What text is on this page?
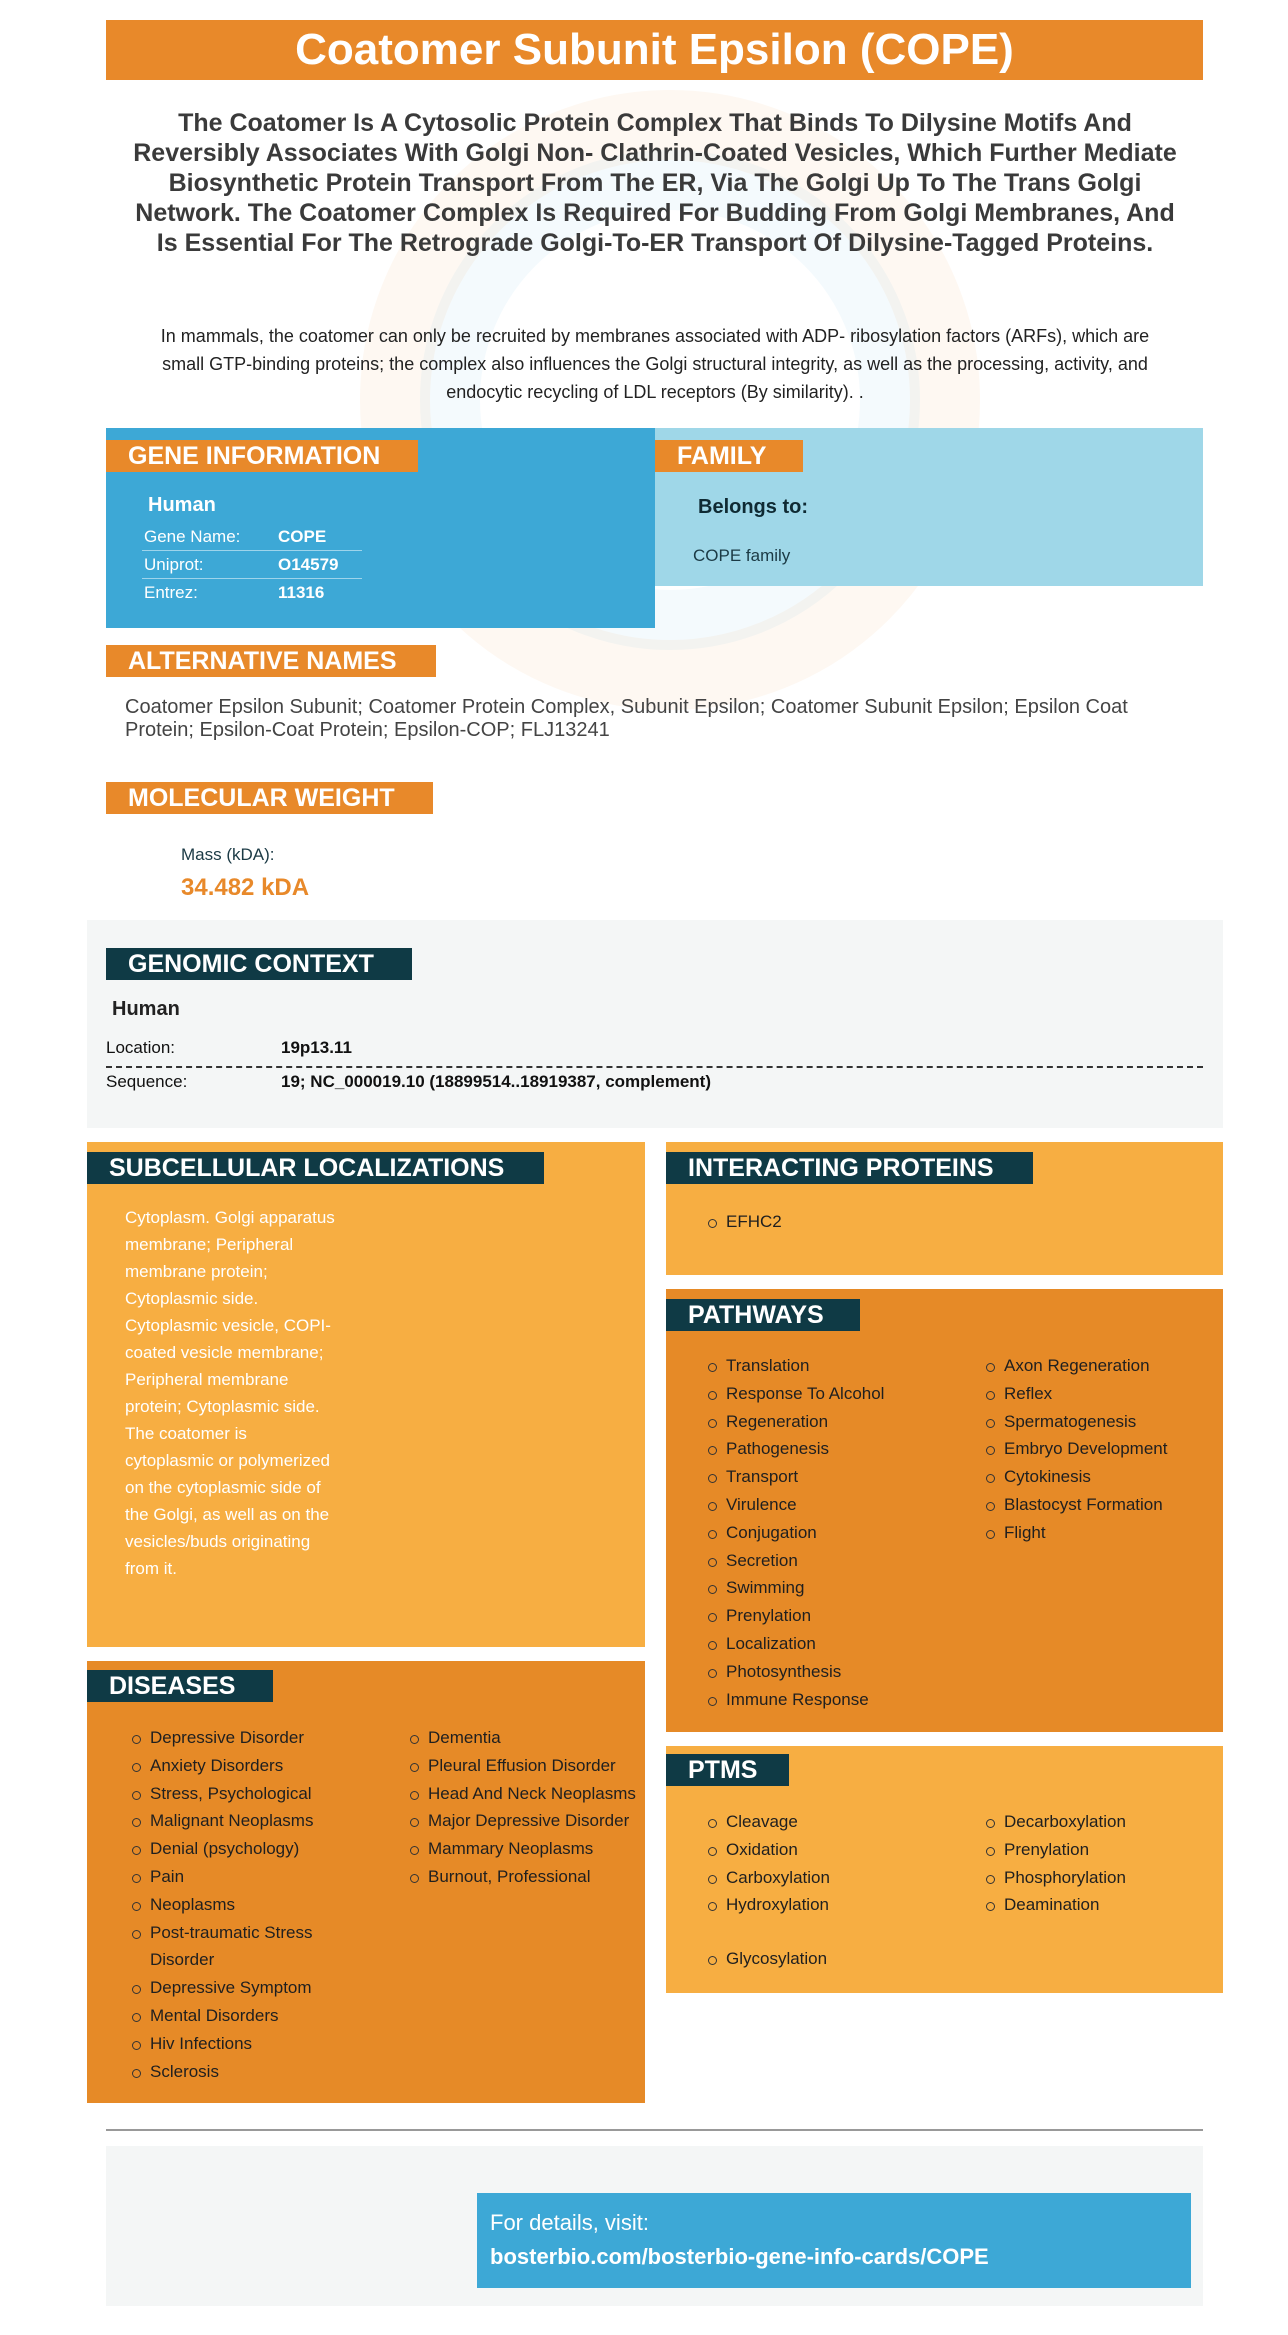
Coatomer Subunit Epsilon (COPE)
The Coatomer Is A Cytosolic Protein Complex That Binds To Dilysine Motifs And Reversibly Associates With Golgi Non- Clathrin-Coated Vesicles, Which Further Mediate Biosynthetic Protein Transport From The ER, Via The Golgi Up To The Trans Golgi Network. The Coatomer Complex Is Required For Budding From Golgi Membranes, And Is Essential For The Retrograde Golgi-To-ER Transport Of Dilysine-Tagged Proteins.
In mammals, the coatomer can only be recruited by membranes associated with ADP- ribosylation factors (ARFs), which are small GTP-binding proteins; the complex also influences the Golgi structural integrity, as well as the processing, activity, and endocytic recycling of LDL receptors (By similarity). .
GENE INFORMATION
Human
Gene Name: COPE
Uniprot:	O14579
Entrez:	11316
FAMILY
Belongs to:
COPE family
ALTERNATIVE NAMES
Coatomer Epsilon Subunit; Coatomer Protein Complex, Subunit Epsilon; Coatomer Subunit Epsilon; Epsilon Coat Protein; Epsilon-Coat Protein; Epsilon-COP; FLJ13241
MOLECULAR WEIGHT
Mass (kDA):
34.482 kDA
GENOMIC CONTEXT
Human
Location:	19p13.11
Sequence:	19; NC_000019.10 (18899514..18919387, complement)
SUBCELLULAR LOCALIZATIONS
Cytoplasm. Golgi apparatus membrane; Peripheral membrane protein; Cytoplasmic side. Cytoplasmic vesicle, COPI-coated vesicle membrane; Peripheral membrane protein; Cytoplasmic side. The coatomer is cytoplasmic or polymerized on the cytoplasmic side of the Golgi, as well as on the vesicles/buds originating from it.
INTERACTING PROTEINS
EFHC2
PATHWAYS
Translation
Response To Alcohol
Regeneration
Pathogenesis
Transport
Virulence
Conjugation
Secretion
Swimming
Prenylation
Localization
Photosynthesis
Immune Response
Axon Regeneration
Reflex
Spermatogenesis
Embryo Development
Cytokinesis
Blastocyst Formation
Flight
PTMS
Cleavage
Oxidation
Carboxylation
Hydroxylation
Decarboxylation
Prenylation
Phosphorylation
Deamination
Glycosylation
DISEASES
Depressive Disorder
Anxiety Disorders
Stress, Psychological
Malignant Neoplasms
Denial (psychology)
Pain
Neoplasms
Post-traumatic Stress Disorder
Depressive Symptom
Mental Disorders
Hiv Infections
Sclerosis
Dementia
Pleural Effusion Disorder
Head And Neck Neoplasms
Major Depressive Disorder
Mammary Neoplasms
Burnout, Professional
For details, visit:
bosterbio.com/bosterbio-gene-info-cards/COPE
